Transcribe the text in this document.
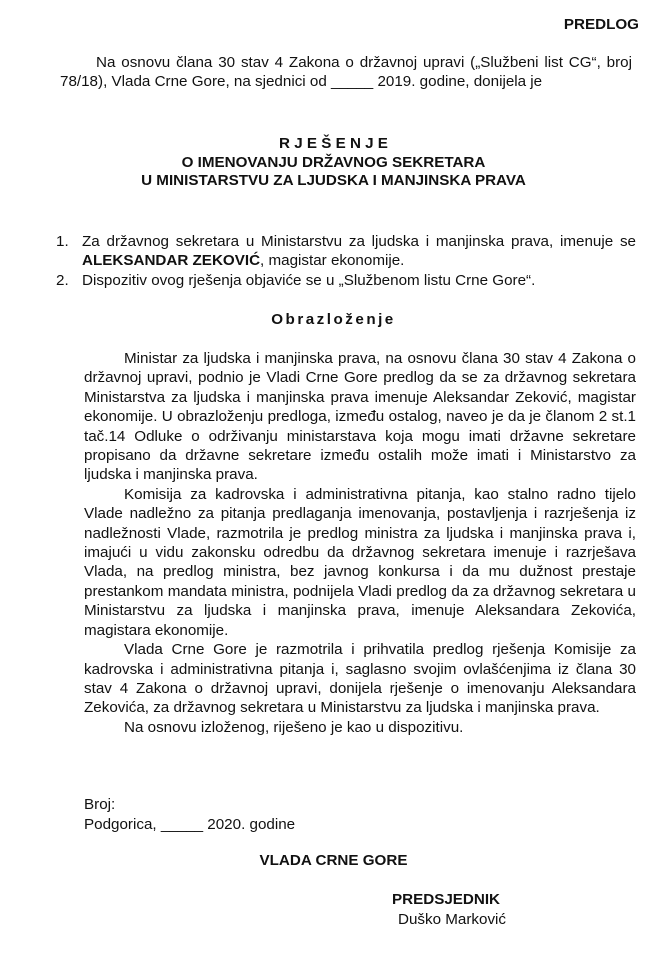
PREDLOG
Na osnovu člana 30 stav 4 Zakona o državnoj upravi („Službeni list CG“, broj 78/18), Vlada Crne Gore, na sjednici od _____ 2019. godine, donijela je
R J E Š E N J E
O IMENOVANJU DRŽAVNOG SEKRETARA
U MINISTARSTVU ZA LJUDSKA I MANJINSKA PRAVA
1. Za državnog sekretara u Ministarstvu za ljudska i manjinska prava, imenuje se ALEKSANDAR ZEKOVIĆ, magistar ekonomije.
2. Dispozitiv ovog rješenja objaviće se u „Službenom listu Crne Gore“.
Obrazloženje

Ministar za ljudska i manjinska prava, na osnovu člana 30 stav 4 Zakona o državnoj upravi, podnio je Vladi Crne Gore predlog da se za državnog sekretara Ministarstva za ljudska i manjinska prava imenuje Aleksandar Zeković, magistar ekonomije. U obrazloženju predloga, između ostalog, naveo je da je članom 2 st.1 tač.14 Odluke o održivanju ministarstava koja mogu imati državne sekretare propisano da državne sekretare između ostalih može imati i Ministarstvo za ljudska i manjinska prava.

Komisija za kadrovska i administrativna pitanja, kao stalno radno tijelo Vlade nadležno za pitanja predlaganja imenovanja, postavljenja i razrješenja iz nadležnosti Vlade, razmotrila je predlog ministra za ljudska i manjinska prava i, imajući u vidu zakonsku odredbu da državnog sekretara imenuje i razrješava Vlada, na predlog ministra, bez javnog konkursa i da mu dužnost prestaje prestankom mandata ministra, podnijela Vladi predlog da za državnog sekretara u Ministarstvu za ljudska i manjinska prava, imenuje Aleksandara Zekovića, magistara ekonomije.

Vlada Crne Gore je razmotrila i prihvatila predlog rješenja Komisije za kadrovska i administrativna pitanja i, saglasno svojim ovlašćenjima iz člana 30 stav 4 Zakona o državnoj upravi, donijela rješenje o imenovanju Aleksandara Zekovića, za državnog sekretara u Ministarstvu za ljudska i manjinska prava.

Na osnovu izloženog, riješeno je kao u dispozitivu.

Broj:
Podgorica, _____ 2020. godine
VLADA CRNE GORE
PREDSJEDNIK
Duško Marković
